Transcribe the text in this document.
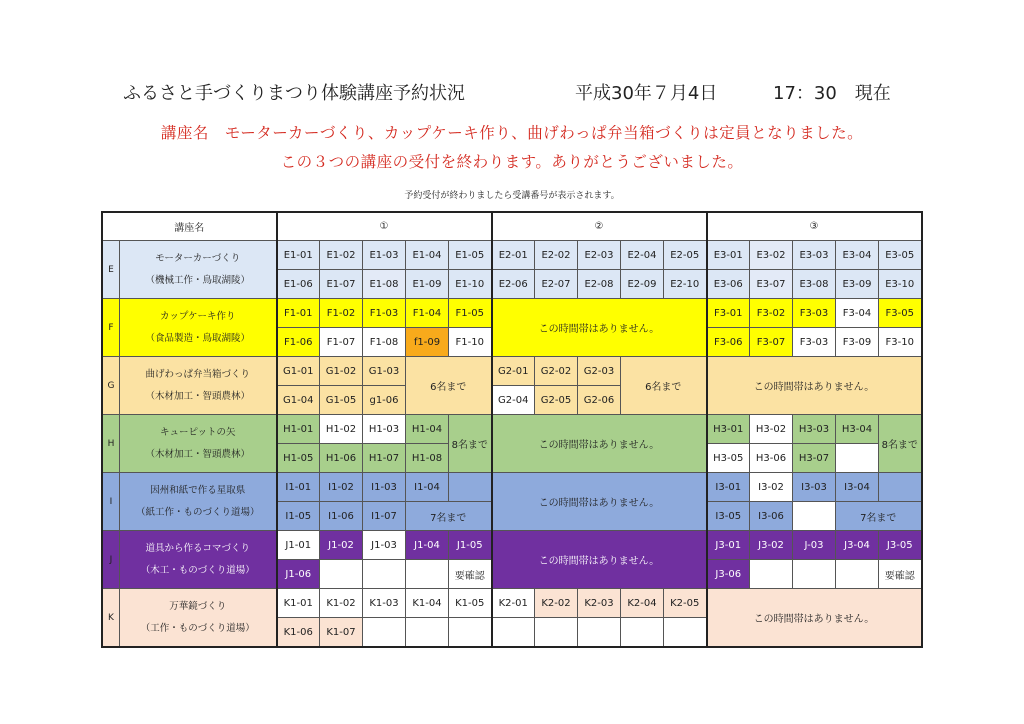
ふるさと手づくりまつり体験講座予約状況	平成30年７月4日	17：30　現在
講座名　モーターカーづくり、カップケーキ作り、曲げわっぱ弁当箱づくりは定員となりました。
この３つの講座の受付を終わります。ありがとうございました。
予約受付が終わりましたら受講番号が表示されます。
講座名		①					②					③				
E	モーターカーづくり
（機械工作・鳥取湖陵）	E1-01	E1-02	E1-03	E1-04	E1-05	E2-01	E2-02	E2-03	E2-04	E2-05	E3-01	E3-02	E3-03	E3-04	E3-05
		E1-06	E1-07	E1-08	E1-09	E1-10	E2-06	E2-07	E2-08	E2-09	E2-10	E3-06	E3-07	E3-08	E3-09	E3-10
F	カップケーキ作り
（食品製造・鳥取湖陵）	F1-01	F1-02	F1-03	F1-04	F1-05	この時間帯はありません。					F3-01	F3-02	F3-03	F3-04	F3-05
		F1-06	F1-07	F1-08	f1-09	F1-10						F3-06	F3-07	F3-03	F3-09	F3-10
G	曲げわっぱ弁当箱づくり
（木材加工・智頭農林）	G1-01	G1-02	G1-03	6名まで		G2-01	G2-02	G2-03	6名まで		この時間帯はありません。				
		G1-04	G1-05	g1-06			G2-04	G2-05	G2-06							
H	キューピットの矢
（木材加工・智頭農林）	H1-01	H1-02	H1-03	H1-04	8名まで	この時間帯はありません。					H3-01	H3-02	H3-03	H3-04	8名まで
		H1-05	H1-06	H1-07	H1-08							H3-05	H3-06	H3-07		
I	因州和紙で作る星取県
（紙工作・ものづくり道場）	I1-01	I1-02	I1-03	I1-04		この時間帯はありません。					I3-01	I3-02	I3-03	I3-04	
		I1-05	I1-06	I1-07	7名まで							I3-05	I3-06		7名まで	
J	道具から作るコマづくり
（木工・ものづくり道場）	J1-01	J1-02	J1-03	J1-04	J1-05	この時間帯はありません。					J3-01	J3-02	J-03	J3-04	J3-05
		J1-06				要確認						J3-06				要確認
K	万華鏡づくり
（工作・ものづくり道場）	K1-01	K1-02	K1-03	K1-04	K1-05	K2-01	K2-02	K2-03	K2-04	K2-05	この時間帯はありません。				
		K1-06	K1-07													
